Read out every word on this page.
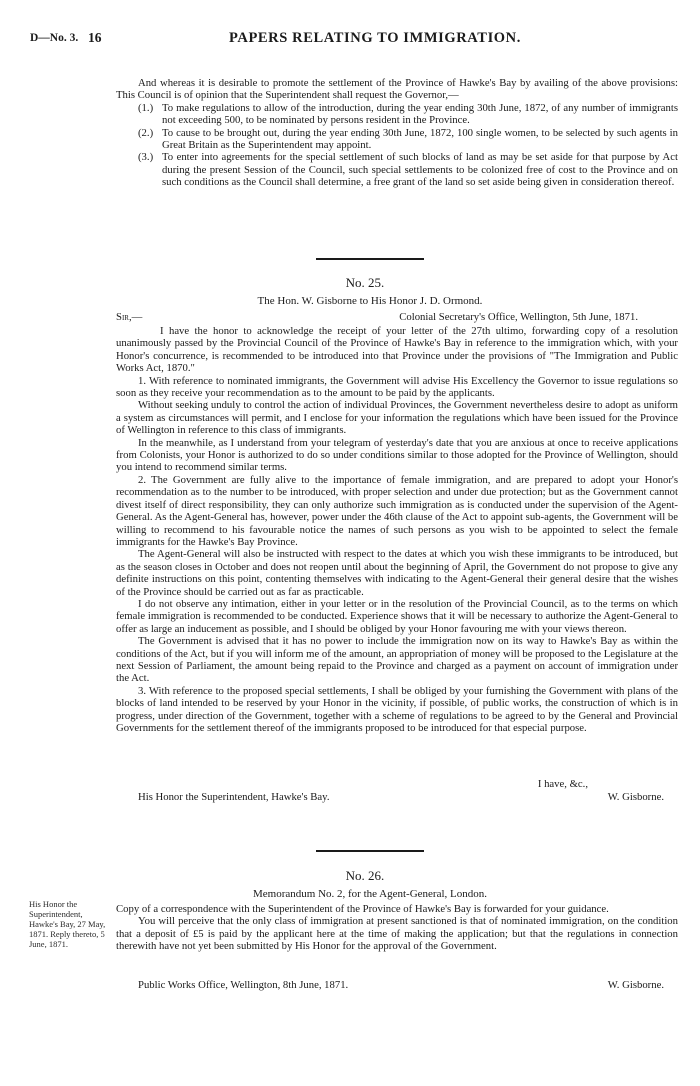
D—No. 3. 16	PAPERS RELATING TO IMMIGRATION.

And whereas it is desirable to promote the settlement of the Province of Hawke's Bay by availing of the above provisions: This Council is of opinion that the Superintendent shall request the Governor,—

(1.) To make regulations to allow of the introduction, during the year ending 30th June, 1872, of any number of immigrants not exceeding 500, to be nominated by persons resident in the Province.
(2.) To cause to be brought out, during the year ending 30th June, 1872, 100 single women, to be selected by such agents in Great Britain as the Superintendent may appoint.
(3.) To enter into agreements for the special settlement of such blocks of land as may be set aside for that purpose by Act during the present Session of the Council, such special settlements to be colonized free of cost to the Province and on such conditions as the Council shall determine, a free grant of the land so set aside being given in consideration thereof.
No. 25.
The Hon. W. Gisborne to His Honor J. D. Ormond.
Sir,—	Colonial Secretary's Office, Wellington, 5th June, 1871.

I have the honor to acknowledge the receipt of your letter of the 27th ultimo, forwarding copy of a resolution unanimously passed by the Provincial Council of the Province of Hawke's Bay in reference to the immigration which, with your Honor's concurrence, is recommended to be introduced into that Province under the provisions of "The Immigration and Public Works Act, 1870."

1. With reference to nominated immigrants, the Government will advise His Excellency the Governor to issue regulations so soon as they receive your recommendation as to the amount to be paid by the applicants.

Without seeking unduly to control the action of individual Provinces, the Government nevertheless desire to adopt as uniform a system as circumstances will permit, and I enclose for your information the regulations which have been issued for the Province of Wellington in reference to this class of immigrants.

In the meanwhile, as I understand from your telegram of yesterday's date that you are anxious at once to receive applications from Colonists, your Honor is authorized to do so under conditions similar to those adopted for the Province of Wellington, should you intend to recommend similar terms.

2. The Government are fully alive to the importance of female immigration, and are prepared to adopt your Honor's recommendation as to the number to be introduced, with proper selection and under due protection; but as the Government cannot divest itself of direct responsibility, they can only authorize such immigration as is conducted under the supervision of the Agent-General. As the Agent-General has, however, power under the 46th clause of the Act to appoint sub-agents, the Government will be willing to recommend to his favourable notice the names of such persons as you wish to be appointed to select the female immigrants for the Hawke's Bay Province.

The Agent-General will also be instructed with respect to the dates at which you wish these immigrants to be introduced, but as the season closes in October and does not reopen until about the beginning of April, the Government do not propose to give any definite instructions on this point, contenting themselves with indicating to the Agent-General their general desire that the wishes of the Province should be carried out as far as practicable.

I do not observe any intimation, either in your letter or in the resolution of the Provincial Council, as to the terms on which female immigration is recommended to be conducted. Experience shows that it will be necessary to authorize the Agent-General to offer as large an inducement as possible, and I should be obliged by your Honor favouring me with your views thereon.

The Government is advised that it has no power to include the immigration now on its way to Hawke's Bay as within the conditions of the Act, but if you will inform me of the amount, an appropriation of money will be proposed to the Legislature at the next Session of Parliament, the amount being repaid to the Province and charged as a payment on account of immigration under the Act.

3. With reference to the proposed special settlements, I shall be obliged by your furnishing the Government with plans of the blocks of land intended to be reserved by your Honor in the vicinity, if possible, of public works, the construction of which is in progress, under direction of the Government, together with a scheme of regulations to be agreed to by the General and Provincial Governments for the settlement thereof of the immigrants proposed to be introduced for that especial purpose.

I have, &c.,
His Honor the Superintendent, Hawke's Bay.	W. Gisborne.
No. 26.
Memorandum No. 2, for the Agent-General, London.
His Honor the Superintendent, Hawke's Bay, 27 May, 1871. Reply thereto, 5 June, 1871.

Copy of a correspondence with the Superintendent of the Province of Hawke's Bay is forwarded for your guidance.

You will perceive that the only class of immigration at present sanctioned is that of nominated immigration, on the condition that a deposit of £5 is paid by the applicant here at the time of making the application; but that the regulations in connection therewith have not yet been submitted by His Honor for the approval of the Government.

Public Works Office, Wellington, 8th June, 1871.	W. Gisborne.
